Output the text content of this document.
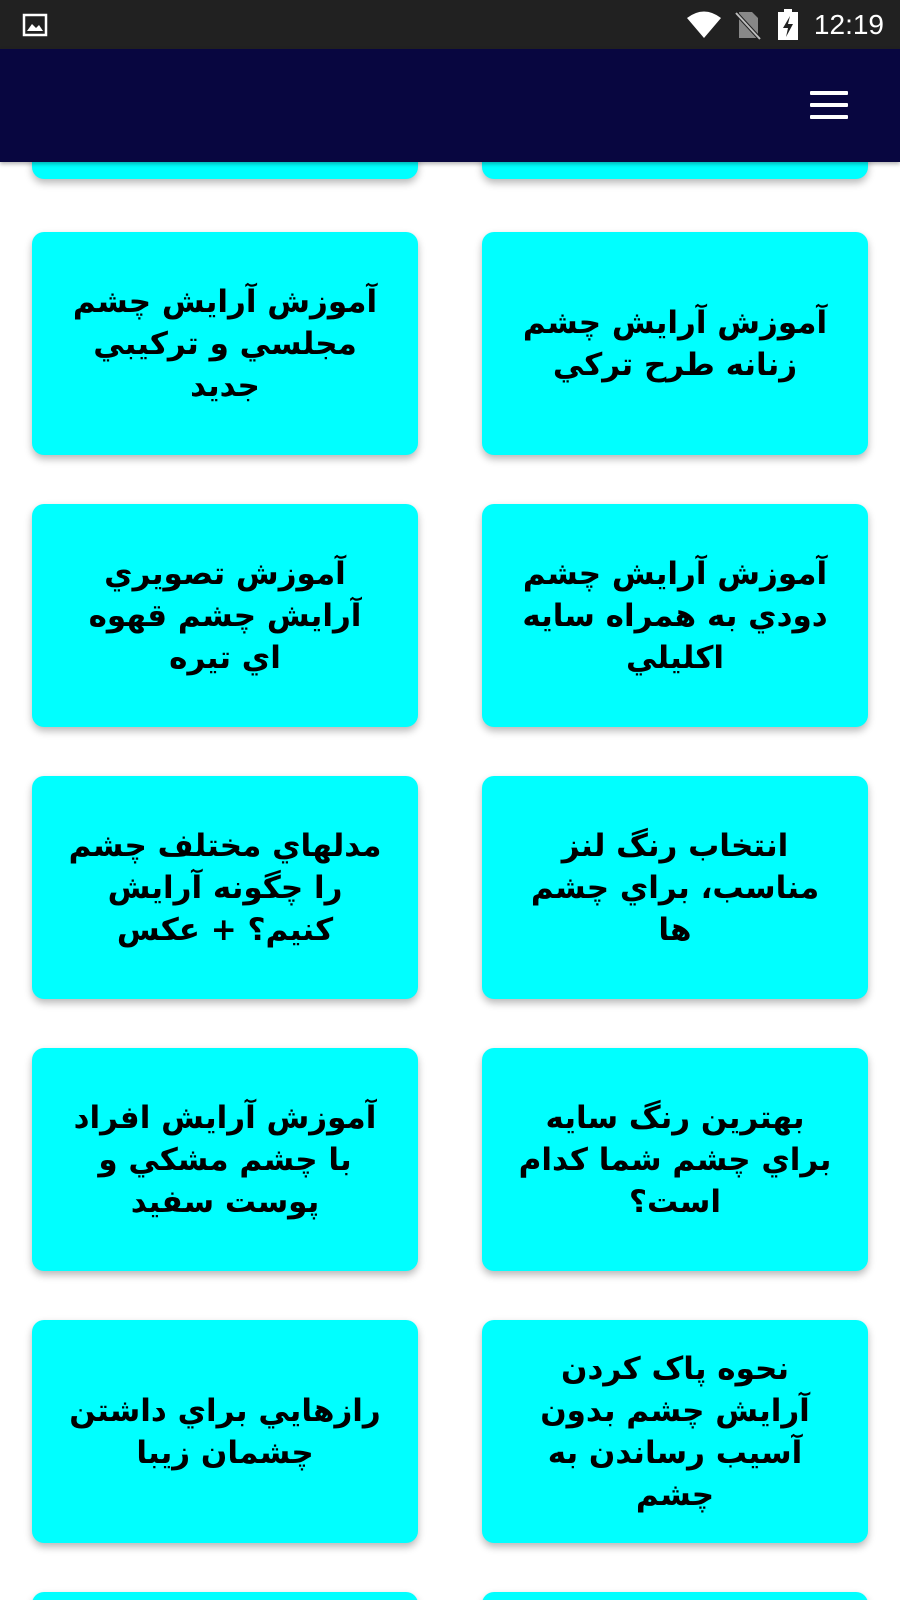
12:19
آموزش آرايش چشم زنانه طرح ترکي
آموزش آرايش چشم مجلسي و ترکيبي جديد
آموزش آرايش چشم دودي به همراه سايه اکليلي
آموزش تصويري آرايش چشم قهوه اي تيره
انتخاب رنگ لنز مناسب، براي چشم ها
مدلهاي مختلف چشم را چگونه آرايش کنيم؟ + عکس
بهترين رنگ سايه براي چشم شما کدام است؟
آموزش آرايش افراد با چشم مشکي و پوست سفيد
نحوه پاک کردن آرايش چشم بدون آسيب رساندن به چشم
رازهايي براي داشتن چشمان زيبا
